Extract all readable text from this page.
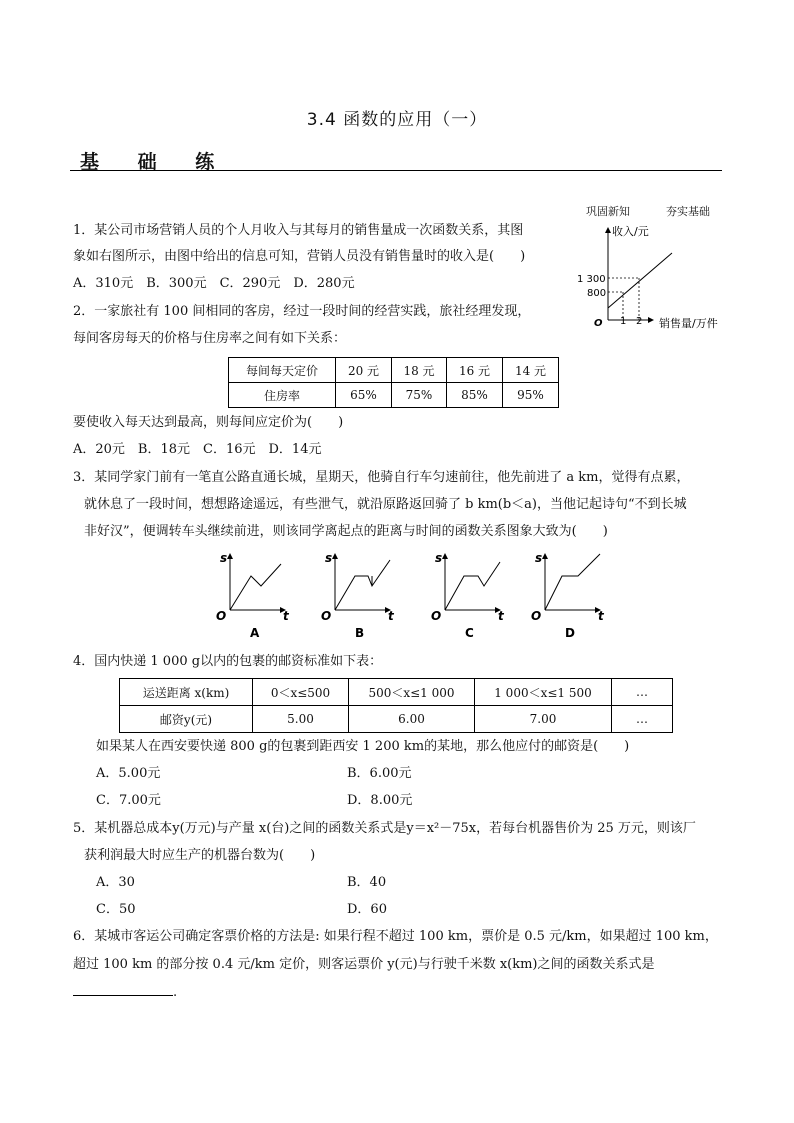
3.4 函数的应用（一）
基 础 练
巩固新知	夯实基础
收入/元
销售量/万件
1 300
800
O 1 2
1．某公司市场营销人员的个人月收入与其每月的销售量成一次函数关系，其图
象如右图所示，由图中给出的信息可知，营销人员没有销售量时的收入是(　　)
A．310元　B．300元　C．290元　D．280元
2．一家旅社有 100 间相同的客房，经过一段时间的经营实践，旅社经理发现，
每间客房每天的价格与住房率之间有如下关系：
每间每天定价	20 元	18 元	16 元	14 元
住房率	65%	75%	85%	95%
要使收入每天达到最高，则每间应定价为(　　)
A．20元　B．18元　C．16元　D．14元
3．某同学家门前有一笔直公路直通长城，星期天，他骑自行车匀速前往，他先前进了 a km，觉得有点累，
就休息了一段时间，想想路途遥远，有些泄气，就沿原路返回骑了 b km(b＜a)，当他记起诗句“不到长城
非好汉”，便调转车头继续前进，则该同学离起点的距离与时间的函数关系图象大致为(　　)
s
t
O
A
s
t
O
B
s
t
O
C
s
t
O
D
4．国内快递 1 000 g以内的包裹的邮资标准如下表：
运送距离 x(km)	0＜x≤500	500＜x≤1 000	1 000＜x≤1 500	…
邮资y(元)	5.00	6.00	7.00	…
如果某人在西安要快递 800 g的包裹到距西安 1 200 km的某地，那么他应付的邮资是(　　)
A．5.00元	B．6.00元
C．7.00元	D．8.00元
5．某机器总成本y(万元)与产量 x(台)之间的函数关系式是y＝x²－75x，若每台机器售价为 25 万元，则该厂
获利润最大时应生产的机器台数为(　　)
A．30	B．40
C．50	D．60
6．某城市客运公司确定客票价格的方法是: 如果行程不超过 100 km，票价是 0.5 元/km，如果超过 100 km，
超过 100 km 的部分按 0.4 元/km 定价，则客运票价 y(元)与行驶千米数 x(km)之间的函数关系式是
.
